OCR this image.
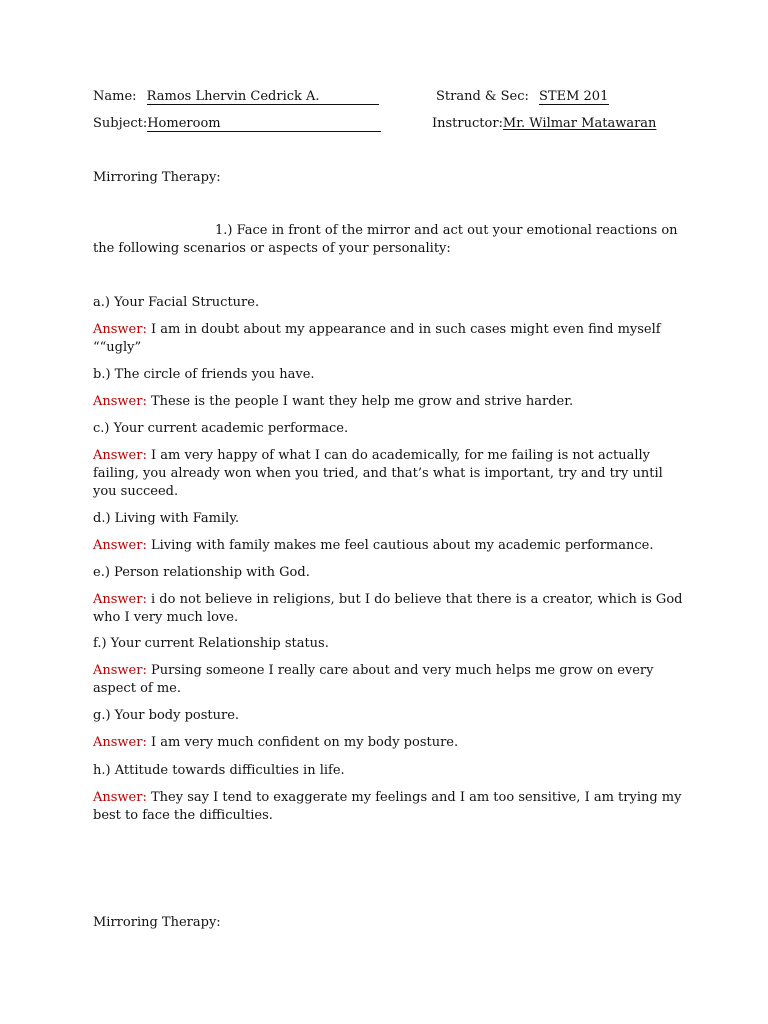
Name: Ramos Lhervin Cedrick A.	Strand & Sec: STEM 201
Subject:Homeroom	Instructor:Mr. Wilmar Matawaran
Mirroring Therapy:
1.) Face in front of the mirror and act out your emotional reactions on the following scenarios or aspects of your personality:
a.) Your Facial Structure.
Answer: I am in doubt about my appearance and in such cases might even find myself ““ugly”
b.) The circle of friends you have.
Answer: These is the people I want they help me grow and strive harder.
c.) Your current academic performace.
Answer: I am very happy of what I can do academically, for me failing is not actually failing, you already won when you tried, and that’s what is important, try and try until you succeed.
d.) Living with Family.
Answer: Living with family makes me feel cautious about my academic performance.
e.) Person relationship with God.
Answer: i do not believe in religions, but I do believe that there is a creator, which is God who I very much love.
f.) Your current Relationship status.
Answer: Pursing someone I really care about and very much helps me grow on every aspect of me.
g.) Your body posture.
Answer: I am very much confident on my body posture.
h.) Attitude towards difficulties in life.
Answer: They say I tend to exaggerate my feelings and I am too sensitive, I am trying my best to face the difficulties.
Mirroring Therapy:
